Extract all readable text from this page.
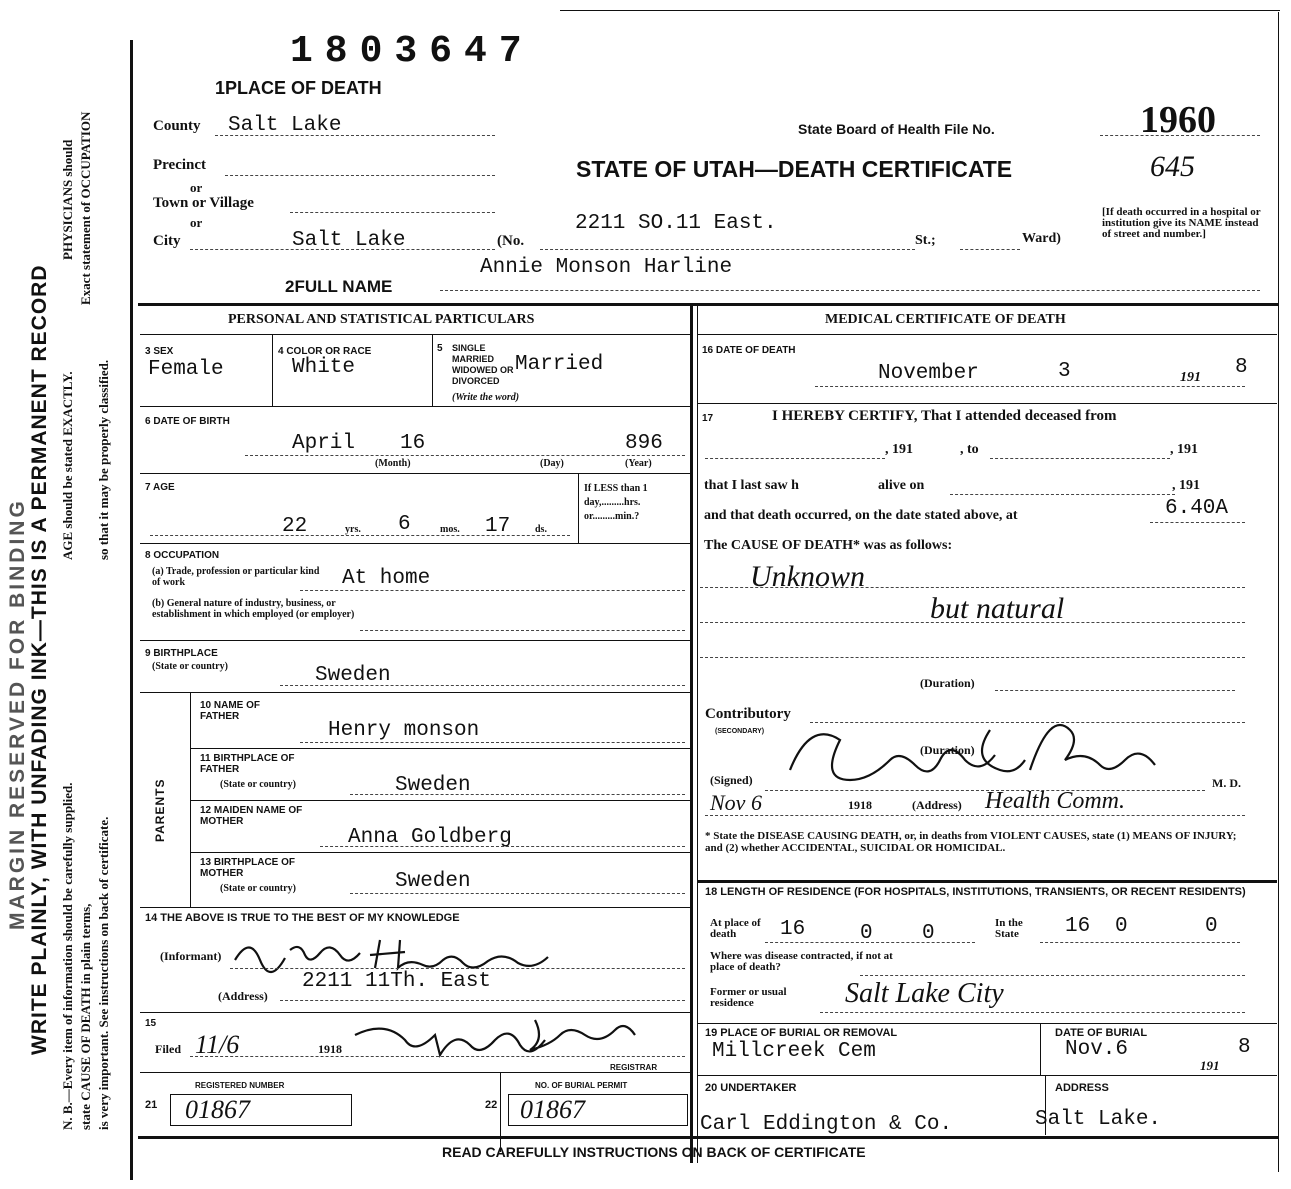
MARGIN RESERVED FOR BINDING WRITE PLAINLY, WITH UNFADING INK—THIS IS A PERMANENT RECORD N. B.—Every item of information should be carefully supplied. state CAUSE OF DEATH in plain terms, is very important. See instructions on back of certificate.
AGE should be stated EXACTLY. so that it may be properly classified.
PHYSICIANS should Exact statement of OCCUPATION
1803647
1PLACE OF DEATH
County Salt Lake	State Board of Health File No.	1960
645
STATE OF UTAH—DEATH CERTIFICATE
Precinct
or
Town or Village
or
City	Salt Lake	(No.
2211 SO.11 East.
St.;	Ward)
[If death occurred in a hospital or institution give its NAME instead of street and number.]
2FULL NAME
Annie Monson Harline
PERSONAL AND STATISTICAL PARTICULARS
3 SEX
Female
4 COLOR OR RACE
White
5 SINGLE MARRIED WIDOWED OR DIVORCED
Married
(Write the word)
6 DATE OF BIRTH
April 16	896
(Month)	(Day)	(Year)
7 AGE
22	yrs. 6	mos. 17 ds.
If LESS than 1 day,.........hrs. or.........min.?
8 OCCUPATION
(a) Trade, profession or particular kind of work	At home
(b) General nature of industry, business, or establishment in which employed (or employer)
9 BIRTHPLACE
(State or country)	Sweden
PARENTS
10 NAME OF FATHER
Henry monson
11 BIRTHPLACE OF FATHER
(State or country)	Sweden
12 MAIDEN NAME OF MOTHER
Anna Goldberg
13 BIRTHPLACE OF MOTHER
(State or country)	Sweden
14 THE ABOVE IS TRUE TO THE BEST OF MY KNOWLEDGE
(Informant)
(Address)
2211 11Th. East
15
Filed 11/6	1918
REGISTRAR
REGISTERED NUMBER
21 01867
NO. OF BURIAL PERMIT
22 01867
MEDICAL CERTIFICATE OF DEATH
16 DATE OF DEATH
November	3	191 8
17	I HEREBY CERTIFY, That I attended deceased from
, 191	, to	, 191
that I last saw h	alive on	, 191
and that death occurred, on the date stated above, at	6.40A
The CAUSE OF DEATH* was as follows:
Unknown
but natural
(Duration)
Contributory
(SECONDARY)
(Duration)
(Signed)	M. D.
Nov 6	1918	(Address) Health Comm.
* State the DISEASE CAUSING DEATH, or, in deaths from VIOLENT CAUSES, state (1) MEANS OF INJURY; and (2) whether ACCIDENTAL, SUICIDAL OR HOMICIDAL.
18 LENGTH OF RESIDENCE (FOR HOSPITALS, INSTITUTIONS, TRANSIENTS, OR RECENT RESIDENTS)
At place of death	16	0 0	In the State	16 0	0
Where was disease contracted, if not at place of death?
Former or usual residence	Salt Lake City
19 PLACE OF BURIAL OR REMOVAL
Millcreek Cem
DATE OF BURIAL
Nov.6
191
8
20 UNDERTAKER
Carl Eddington & Co.
ADDRESS
Salt Lake.
READ CAREFULLY INSTRUCTIONS ON BACK OF CERTIFICATE
